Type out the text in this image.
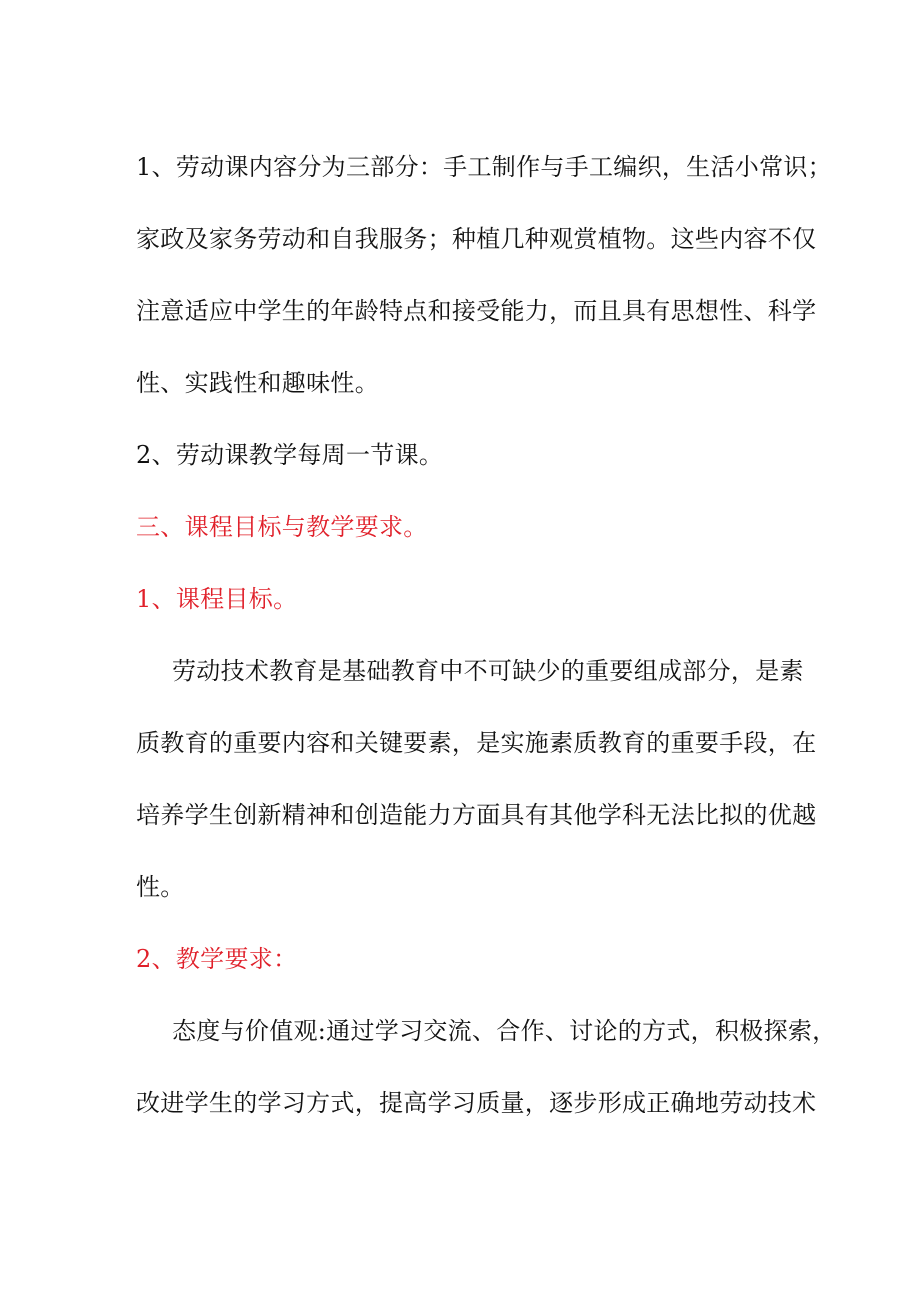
1、劳动课内容分为三部分：手工制作与手工编织，生活小常识；
家政及家务劳动和自我服务；种植几种观赏植物。这些内容不仅
注意适应中学生的年龄特点和接受能力，而且具有思想性、科学
性、实践性和趣味性。
2、劳动课教学每周一节课。
三、课程目标与教学要求。
1、课程目标。
劳动技术教育是基础教育中不可缺少的重要组成部分，是素
质教育的重要内容和关键要素，是实施素质教育的重要手段，在
培养学生创新精神和创造能力方面具有其他学科无法比拟的优越
性。
2、教学要求：
态度与价值观:通过学习交流、合作、讨论的方式，积极探索，
改进学生的学习方式，提高学习质量，逐步形成正确地劳动技术
